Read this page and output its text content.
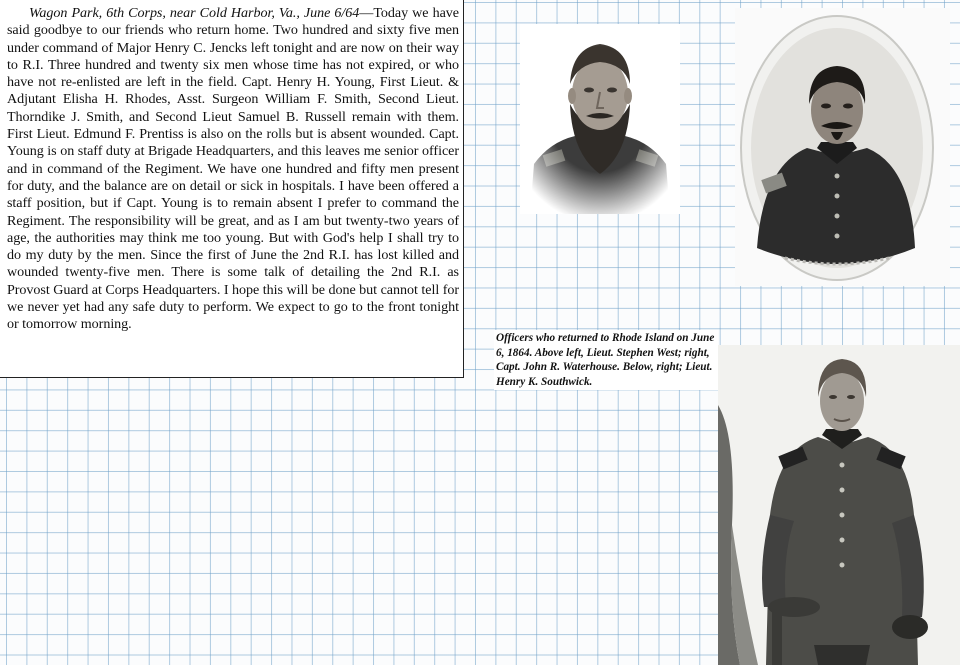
Wagon Park, 6th Corps, near Cold Harbor, Va., June 6/64—Today we have said goodbye to our friends who return home. Two hundred and sixty five men under command of Major Henry C. Jencks left tonight and are now on their way to R.I. Three hundred and twenty six men whose time has not expired, or who have not re-enlisted are left in the field. Capt. Henry H. Young, First Lieut. & Adjutant Elisha H. Rhodes, Asst. Surgeon William F. Smith, Second Lieut. Thorndike J. Smith, and Second Lieut Samuel B. Russell remain with them. First Lieut. Edmund F. Prentiss is also on the rolls but is absent wounded. Capt. Young is on staff duty at Brigade Headquarters, and this leaves me senior officer and in command of the Regiment. We have one hundred and fifty men present for duty, and the balance are on detail or sick in hospitals. I have been offered a staff position, but if Capt. Young is to remain absent I prefer to command the Regiment. The responsibility will be great, and as I am but twenty-two years of age, the authorities may think me too young. But with God's help I shall try to do my duty by the men. Since the first of June the 2nd R.I. has lost killed and wounded twenty-five men. There is some talk of detailing the 2nd R.I. as Provost Guard at Corps Headquarters. I hope this will be done but cannot tell for we never yet had any safe duty to perform. We expect to go to the front tonight or tomorrow morning.

Officers who returned to Rhode Island on June 6, 1864. Above left, Lieut. Stephen West; right, Capt. John R. Waterhouse. Below, right; Lieut. Henry K. Southwick.
